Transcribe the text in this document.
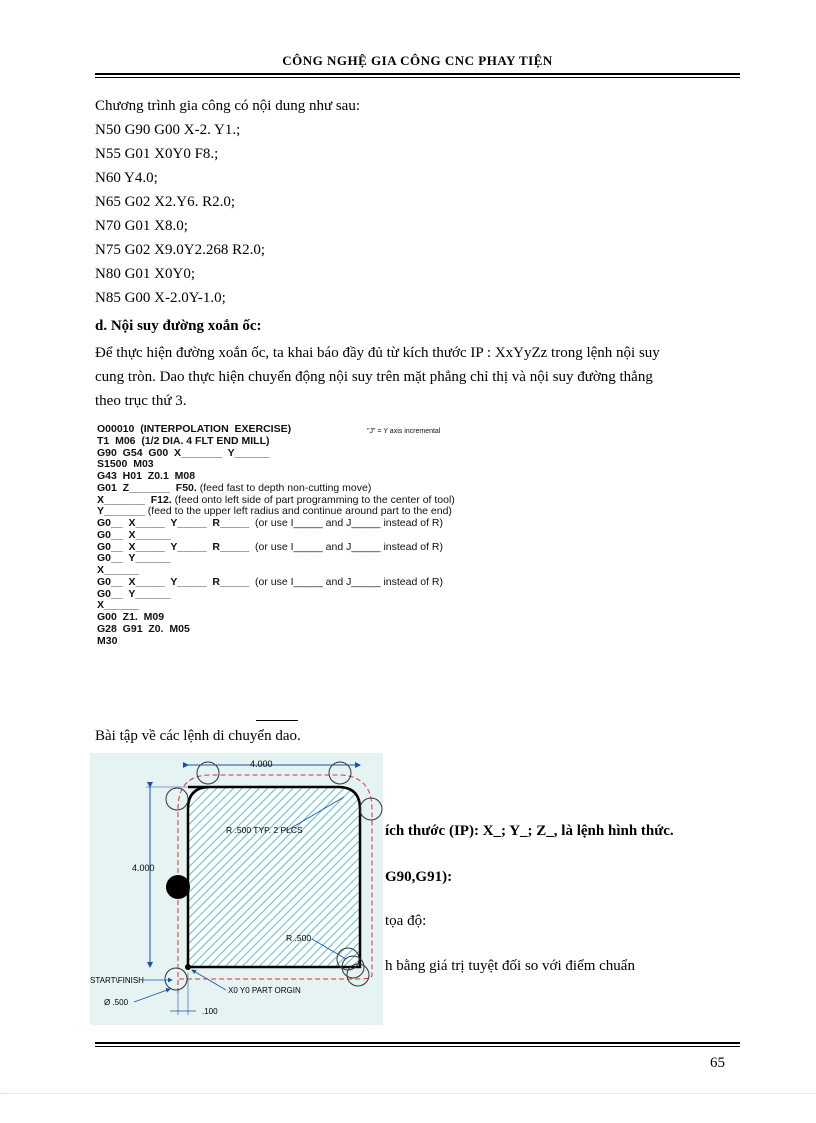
CÔNG NGHỆ GIA CÔNG CNC PHAY TIỆN
Chương trình gia công có nội dung như sau:
N50 G90 G00 X-2. Y1.;
N55 G01 X0Y0 F8.;
N60 Y4.0;
N65 G02 X2.Y6. R2.0;
N70 G01 X8.0;
N75 G02 X9.0Y2.268 R2.0;
N80 G01 X0Y0;
N85 G00 X-2.0Y-1.0;
d. Nội suy đường xoắn ốc:
Để thực hiện đường xoắn ốc, ta khai báo đầy đủ từ kích thước IP : XxYyZz trong lệnh nội suy
cung tròn. Dao thực hiện chuyển động nội suy trên mặt phẳng chỉ thị và nội suy đường thẳng
theo trục thứ 3.
"J" = Y axis incremental
O00010  (INTERPOLATION  EXERCISE)
T1  M06  (1/2 DIA. 4 FLT END MILL)
G90  G54  G00  X_______  Y______
S1500  M03
G43  H01  Z0.1  M08
G01  Z_______  F50. (feed fast to depth non-cutting move)
X_______  F12. (feed onto left side of part programming to the center of tool)
Y_______ (feed to the upper left radius and continue around part to the end)
G0__  X_____  Y_____  R_____  (or use I_____ and J_____ instead of R)
G0__  X______
G0__  X_____  Y_____  R_____  (or use I_____ and J_____ instead of R)
G0__  Y______
X______
G0__  X_____  Y_____  R_____  (or use I_____ and J_____ instead of R)
G0__  Y______
X______
G00  Z1.  M09
G28  G91  Z0.  M05
M30
Bài tập về các lệnh di chuyển dao.
ích thước (IP): X_; Y_; Z_, là lệnh hình thức.
G90,G91):
tọa độ:
h bằng giá trị tuyệt đối so với điểm chuẩn
4.000
4.000
R .500 TYP. 2 PLCS
R .500
START\FINISH
Ø .500
X0 Y0 PART ORGIN
.100
65
